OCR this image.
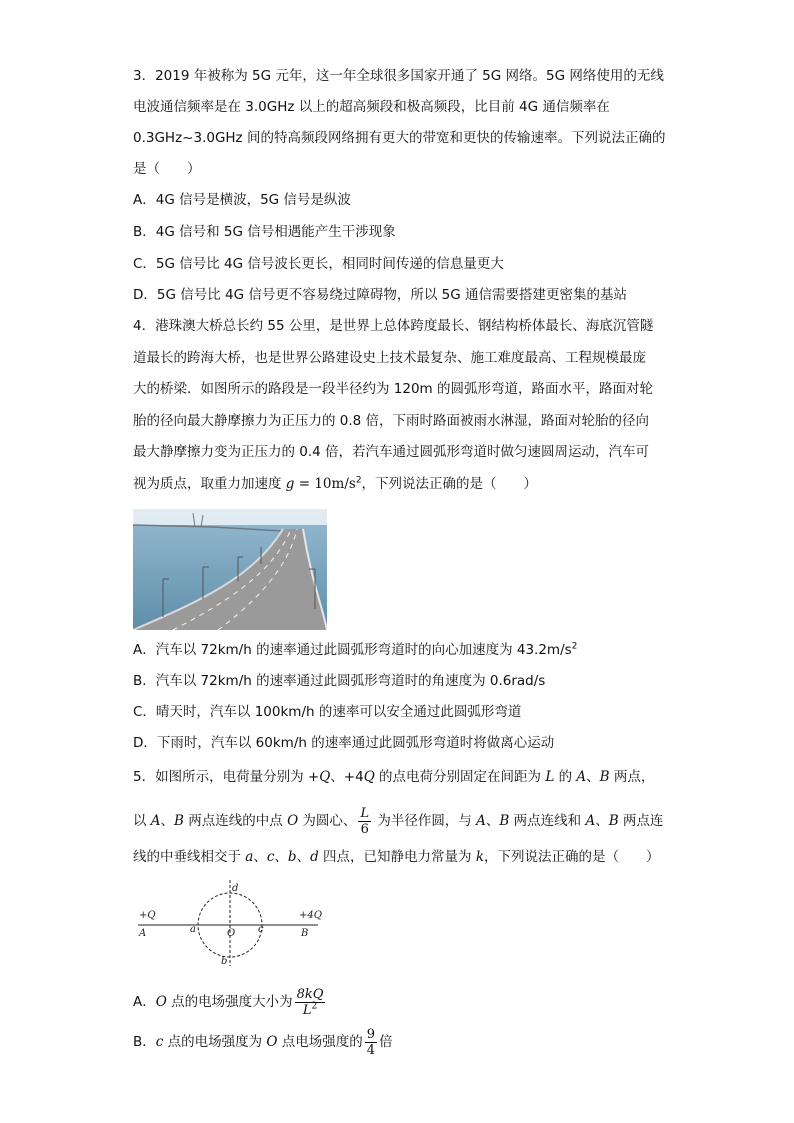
3．2019 年被称为 5G 元年，这一年全球很多国家开通了 5G 网络。5G 网络使用的无线
电波通信频率是在 3.0GHz 以上的超高频段和极高频段，比目前 4G 通信频率在
0.3GHz~3.0GHz 间的特高频段网络拥有更大的带宽和更快的传输速率。下列说法正确的
是（　　）
A．4G 信号是横波，5G 信号是纵波
B．4G 信号和 5G 信号相遇能产生干涉现象
C．5G 信号比 4G 信号波长更长，相同时间传递的信息量更大
D．5G 信号比 4G 信号更不容易绕过障碍物，所以 5G 通信需要搭建更密集的基站
4．港珠澳大桥总长约 55 公里，是世界上总体跨度最长、钢结构桥体最长、海底沉管隧
道最长的跨海大桥，也是世界公路建设史上技术最复杂、施工难度最高、工程规模最庞
大的桥梁．如图所示的路段是一段半径约为 120m 的圆弧形弯道，路面水平，路面对轮
胎的径向最大静摩擦力为正压力的 0.8 倍，下雨时路面被雨水淋湿，路面对轮胎的径向
最大静摩擦力变为正压力的 0.4 倍，若汽车通过圆弧形弯道时做匀速圆周运动，汽车可
视为质点，取重力加速度 $g = 10m/s^2$，下列说法正确的是（　　）
A．汽车以 72km/h 的速率通过此圆弧形弯道时的向心加速度为 $43.2m/s^2$
B．汽车以 72km/h 的速率通过此圆弧形弯道时的角速度为 0.6rad/s
C．晴天时，汽车以 100km/h 的速率可以安全通过此圆弧形弯道
D．下雨时，汽车以 60km/h 的速率通过此圆弧形弯道时将做离心运动
5．如图所示，电荷量分别为 +Q、+4Q 的点电荷分别固定在间距为 L 的 A、B 两点，
以 A、B 两点连线的中点 O 为圆心、 $\frac{L}{6}$ 为半径作圆，与 A、B 两点连线和 A、B 两点连
线的中垂线相交于 a、c、b、d 四点，已知静电力常量为 k，下列说法正确的是（　　）
+Q	+4Q
A	B
O
a	c
b
d
A．O 点的电场强度大小为 $\frac{8kQ}{L^2}$
B．c 点的电场强度为 O 点电场强度的 $\frac{9}{4}$ 倍
